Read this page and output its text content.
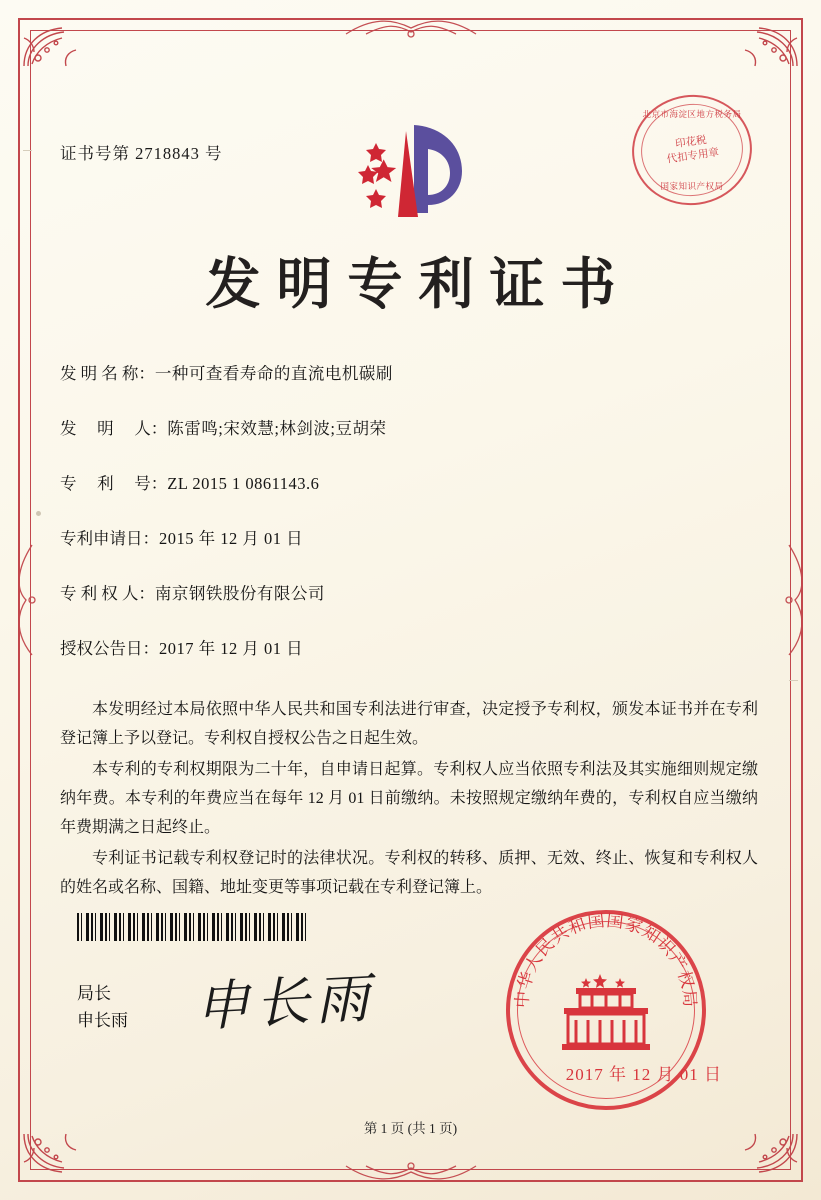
证书号第 2718843 号
北京市海淀区地方税务局
印花税
代扣专用章
国家知识产权局
发明专利证书
发 明 名 称：一种可查看寿命的直流电机碳刷
发　 明　 人：陈雷鸣;宋效慧;林剑波;豆胡荣
专　 利　 号：ZL 2015 1 0861143.6
专利申请日：2015 年 12 月 01 日
专 利 权 人：南京钢铁股份有限公司
授权公告日：2017 年 12 月 01 日

本发明经过本局依照中华人民共和国专利法进行审查，决定授予专利权，颁发本证书并在专利登记簿上予以登记。专利权自授权公告之日起生效。

本专利的专利权期限为二十年，自申请日起算。专利权人应当依照专利法及其实施细则规定缴纳年费。本专利的年费应当在每年 12 月 01 日前缴纳。未按照规定缴纳年费的，专利权自应当缴纳年费期满之日起终止。

专利证书记载专利权登记时的法律状况。专利权的转移、质押、无效、终止、恢复和专利权人的姓名或名称、国籍、地址变更等事项记载在专利登记簿上。

局长
申长雨 申长雨	中华人民共和国国家知识产权局
2017 年 12 月 01 日
第 1 页 (共 1 页)
